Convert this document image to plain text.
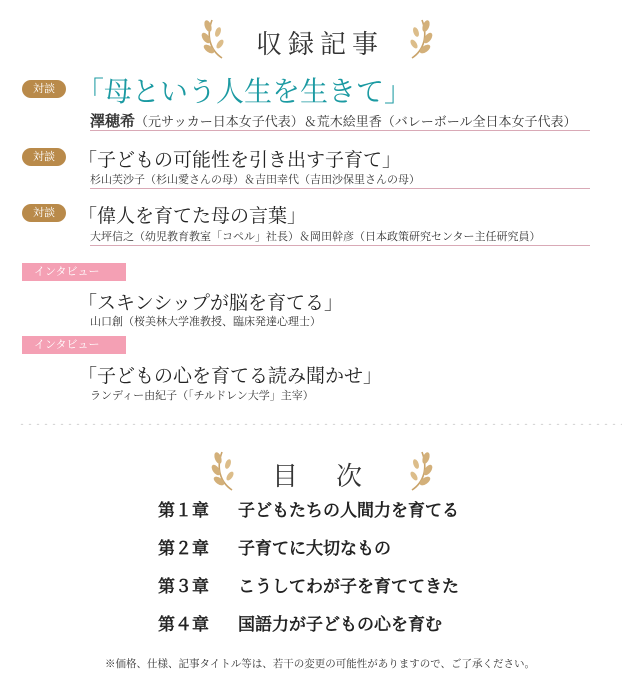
収録記事
対談 「母という人生を生きて」
澤穂希（元サッカー日本女子代表）＆荒木絵里香（バレーボール全日本女子代表）
対談	「子どもの可能性を引き出す子育て」
杉山芙沙子（杉山愛さんの母）＆吉田幸代（吉田沙保里さんの母）
対談	「偉人を育てた母の言葉」
大坪信之（幼児教育教室「コペル」社長）＆岡田幹彦（日本政策研究センター主任研究員）
インタビュー
「スキンシップが脳を育てる」
山口創（桜美林大学准教授、臨床発達心理士）
インタビュー
「子どもの心を育てる読み聞かせ」
ランディー由紀子（「チルドレン大学」主宰）
目　次
第１章 子どもたちの人間力を育てる
第２章 子育てに大切なもの
第３章 こうしてわが子を育ててきた
第４章 国語力が子どもの心を育む
※価格、仕様、記事タイトル等は、若干の変更の可能性がありますので、ご了承ください。
